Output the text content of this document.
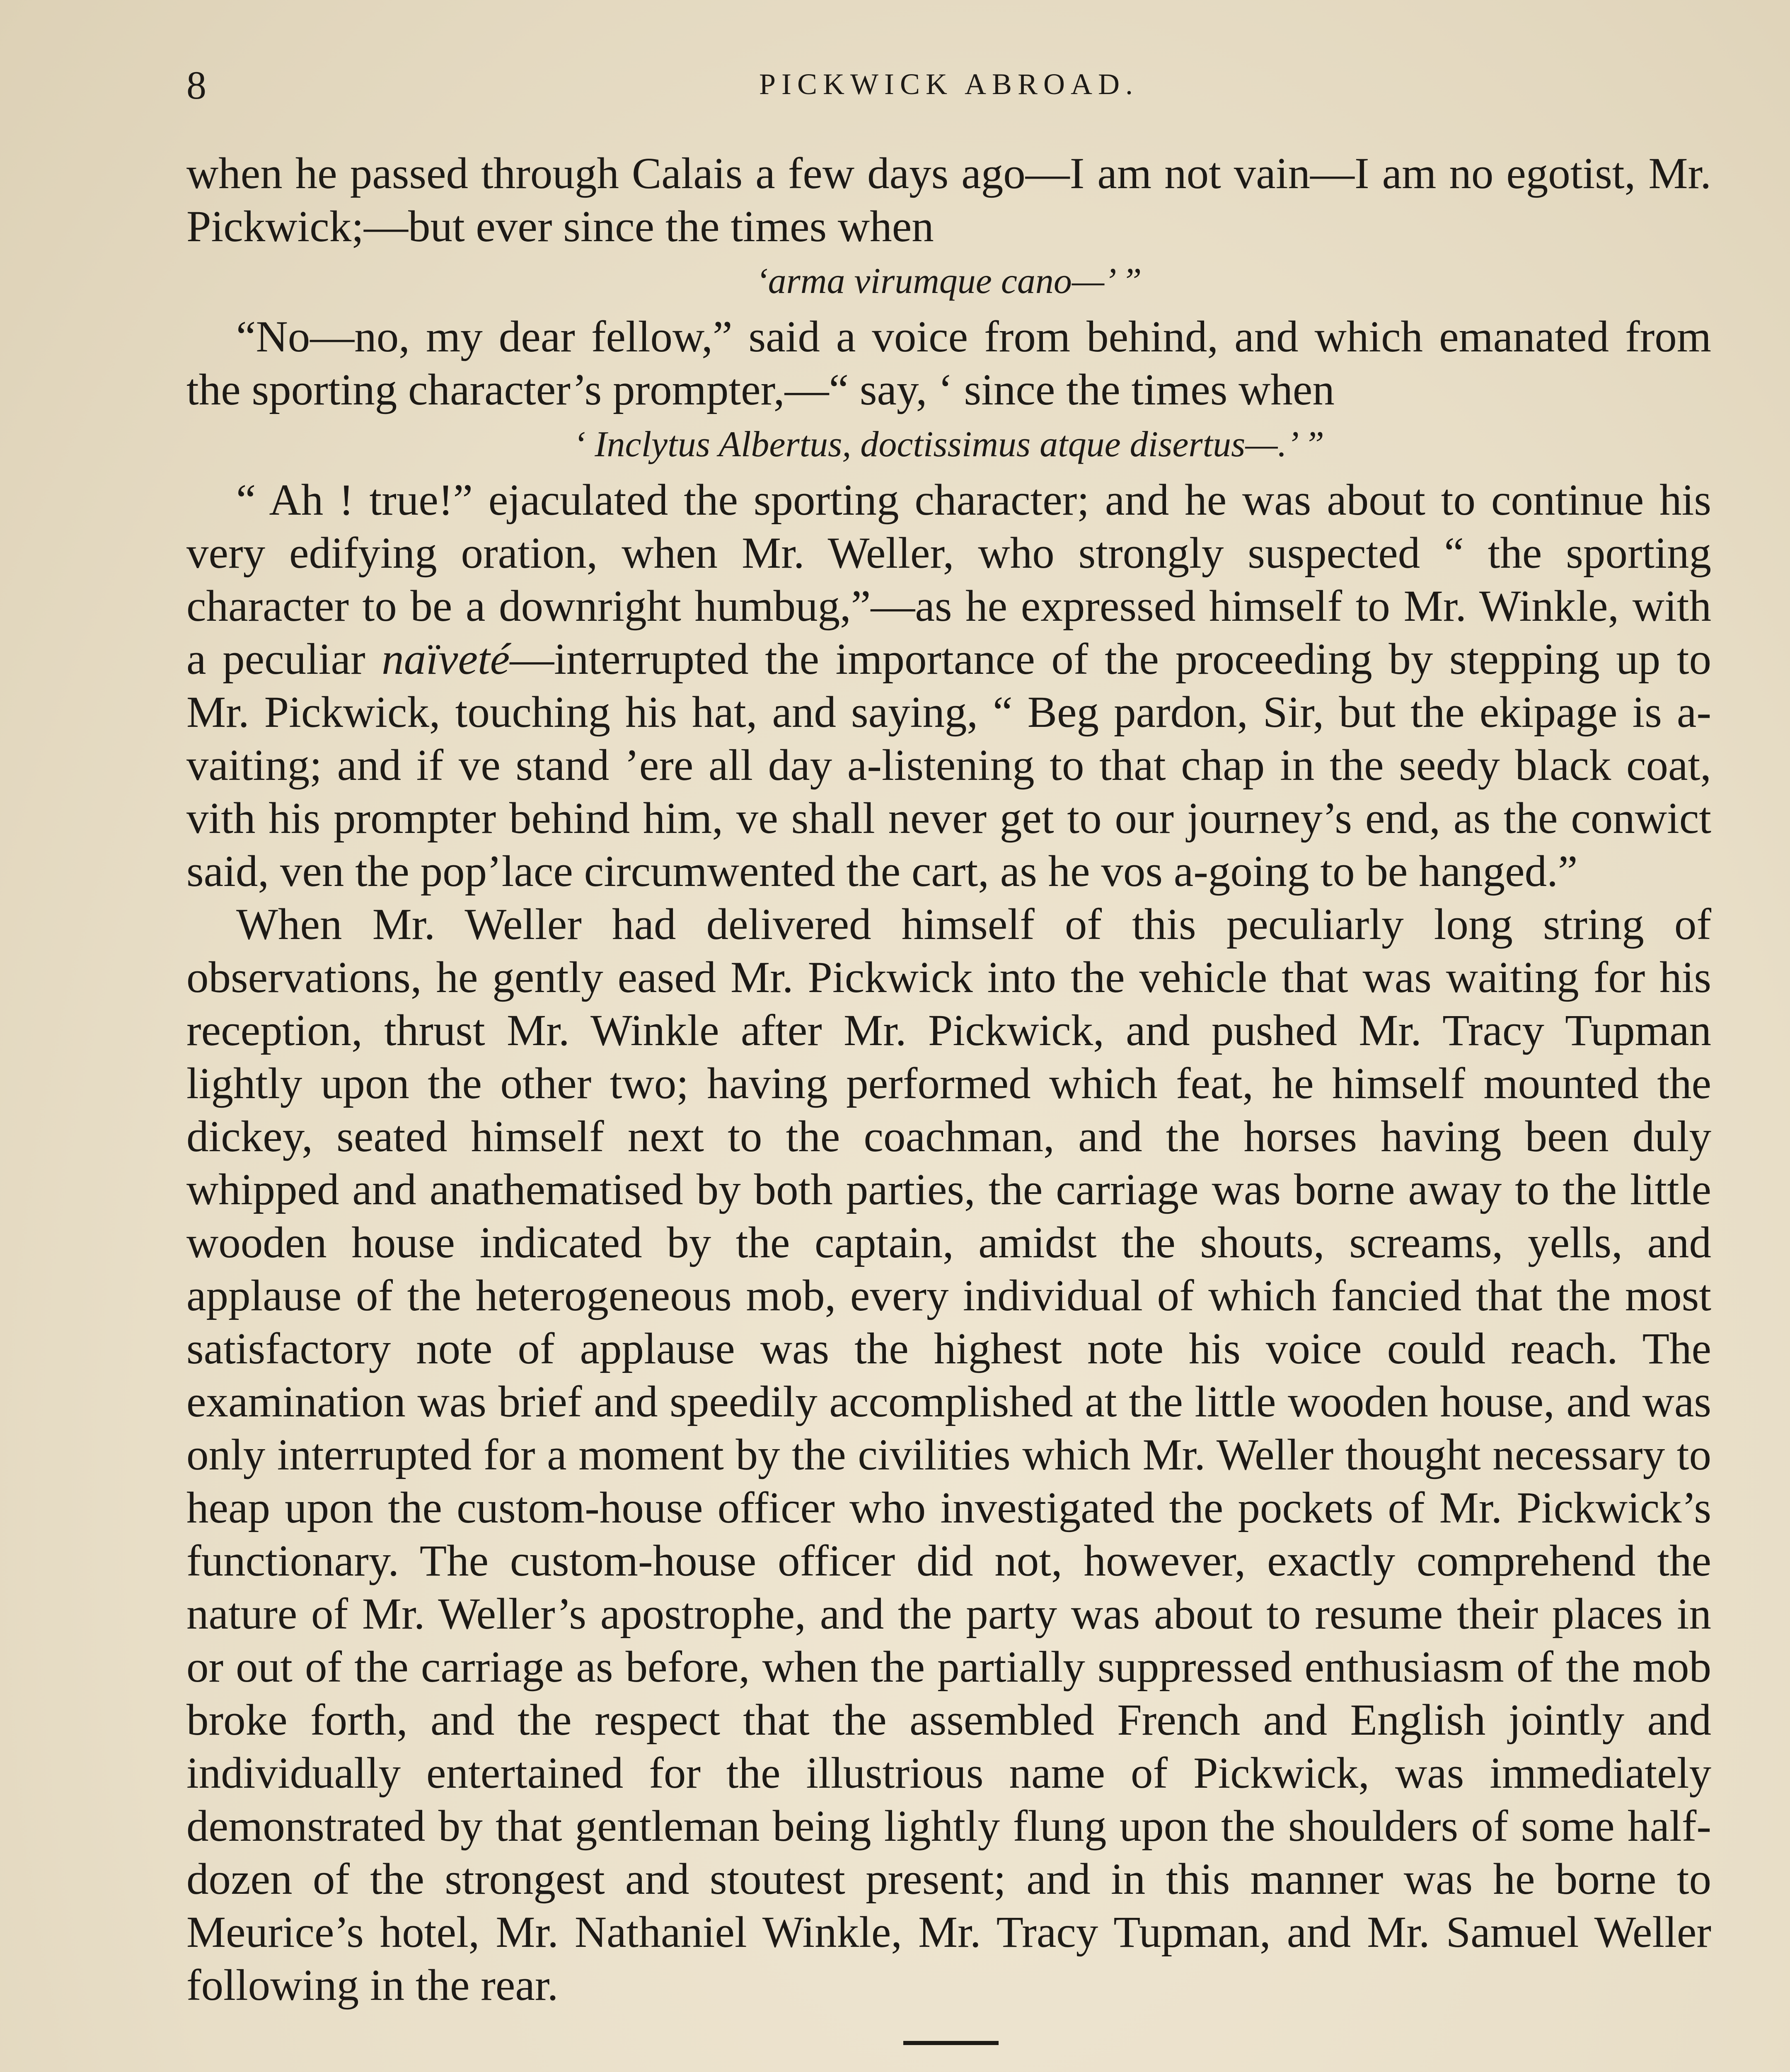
8	PICKWICK ABROAD.

when he passed through Calais a few days ago—I am not vain—I am no egotist, Mr. Pickwick;—but ever since the times when

‘arma virumque cano—’ ”

“No—no, my dear fellow,” said a voice from behind, and which emanated from the sporting character’s prompter,—“ say, ‘ since the times when

‘ Inclytus Albertus, doctissimus atque disertus—.’ ”

“ Ah ! true!” ejaculated the sporting character; and he was about to continue his very edifying oration, when Mr. Weller, who strongly suspected “ the sporting character to be a downright humbug,”—as he expressed himself to Mr. Winkle, with a peculiar naïveté—interrupted the importance of the proceeding by stepping up to Mr. Pickwick, touching his hat, and saying, “ Beg pardon, Sir, but the ekipage is a-vaiting; and if ve stand ’ere all day a-listening to that chap in the seedy black coat, vith his prompter behind him, ve shall never get to our journey’s end, as the conwict said, ven the pop’lace circumwented the cart, as he vos a-going to be hanged.”

When Mr. Weller had delivered himself of this peculiarly long string of observations, he gently eased Mr. Pickwick into the vehicle that was waiting for his reception, thrust Mr. Winkle after Mr. Pickwick, and pushed Mr. Tracy Tupman lightly upon the other two; having performed which feat, he himself mounted the dickey, seated himself next to the coachman, and the horses having been duly whipped and anathematised by both parties, the carriage was borne away to the little wooden house indicated by the captain, amidst the shouts, screams, yells, and applause of the heterogeneous mob, every individual of which fancied that the most satisfactory note of applause was the highest note his voice could reach. The examination was brief and speedily accomplished at the little wooden house, and was only interrupted for a moment by the civilities which Mr. Weller thought necessary to heap upon the custom-house officer who investigated the pockets of Mr. Pickwick’s functionary. The custom-house officer did not, however, exactly comprehend the nature of Mr. Weller’s apostrophe, and the party was about to resume their places in or out of the carriage as before, when the partially suppressed enthusiasm of the mob broke forth, and the respect that the assembled French and English jointly and individually entertained for the illustrious name of Pickwick, was immediately demonstrated by that gentleman being lightly flung upon the shoulders of some half-dozen of the strongest and stoutest present; and in this manner was he borne to Meurice’s hotel, Mr. Nathaniel Winkle, Mr. Tracy Tupman, and Mr. Samuel Weller following in the rear.
